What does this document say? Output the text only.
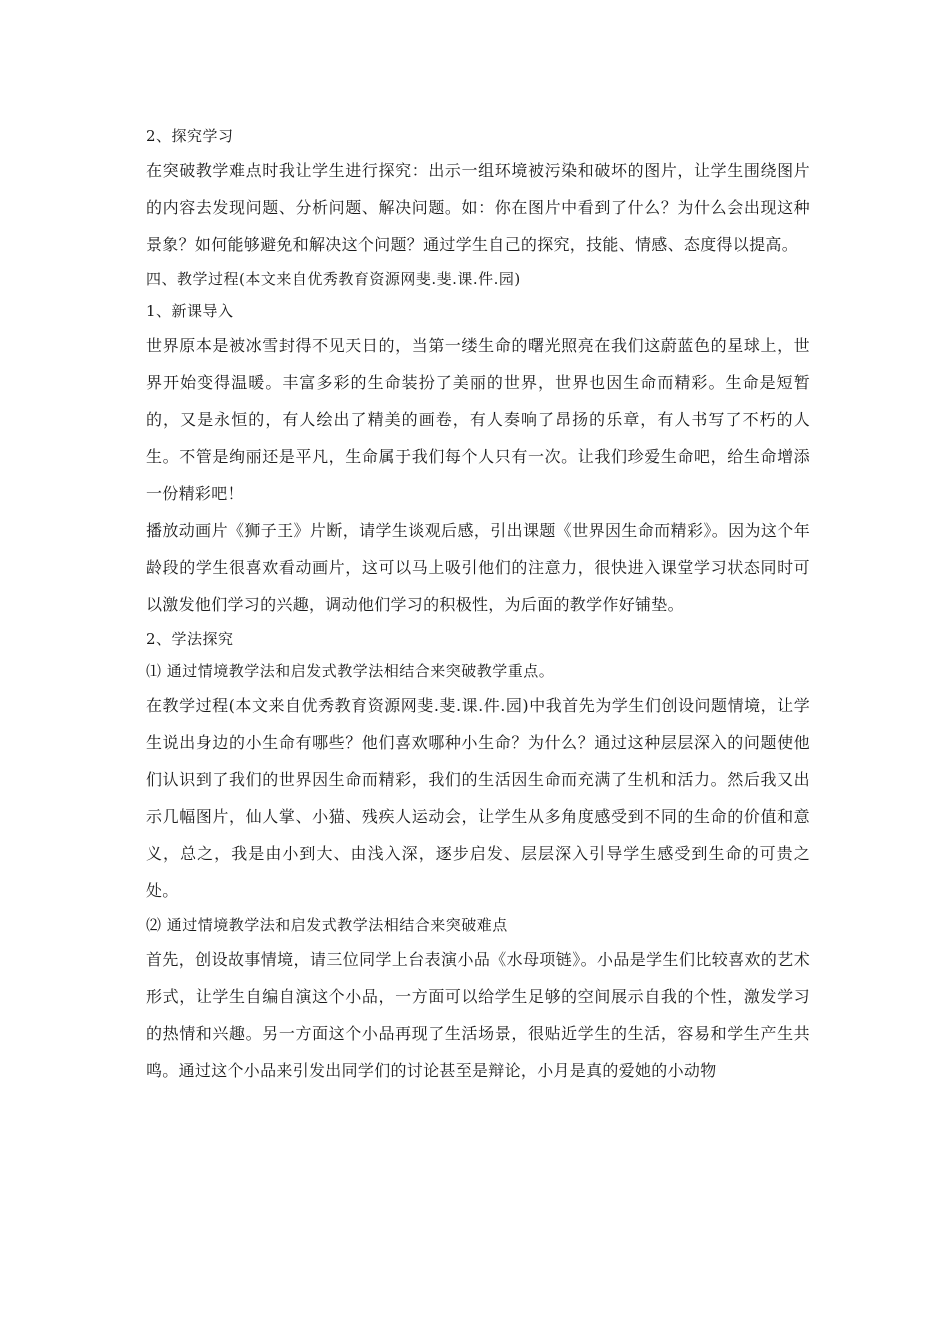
2、探究学习

在突破教学难点时我让学生进行探究：出示一组环境被污染和破坏的图片，让学生围绕图片的内容去发现问题、分析问题、解决问题。如：你在图片中看到了什么？为什么会出现这种景象？如何能够避免和解决这个问题？通过学生自己的探究，技能、情感、态度得以提高。

四、教学过程(本文来自优秀教育资源网斐.斐.课.件.园)
1、新课导入

世界原本是被冰雪封得不见天日的，当第一缕生命的曙光照亮在我们这蔚蓝色的星球上，世界开始变得温暖。丰富多彩的生命装扮了美丽的世界，世界也因生命而精彩。生命是短暂的，又是永恒的，有人绘出了精美的画卷，有人奏响了昂扬的乐章，有人书写了不朽的人生。不管是绚丽还是平凡，生命属于我们每个人只有一次。让我们珍爱生命吧，给生命增添一份精彩吧！

播放动画片《狮子王》片断，请学生谈观后感，引出课题《世界因生命而精彩》。因为这个年龄段的学生很喜欢看动画片，这可以马上吸引他们的注意力，很快进入课堂学习状态同时可以激发他们学习的兴趣，调动他们学习的积极性，为后面的教学作好铺垫。

2、学法探究
⑴ 通过情境教学法和启发式教学法相结合来突破教学重点。

在教学过程(本文来自优秀教育资源网斐.斐.课.件.园)中我首先为学生们创设问题情境，让学生说出身边的小生命有哪些？他们喜欢哪种小生命？为什么？通过这种层层深入的问题使他们认识到了我们的世界因生命而精彩，我们的生活因生命而充满了生机和活力。然后我又出示几幅图片，仙人掌、小猫、残疾人运动会，让学生从多角度感受到不同的生命的价值和意义，总之，我是由小到大、由浅入深，逐步启发、层层深入引导学生感受到生命的可贵之处。

⑵ 通过情境教学法和启发式教学法相结合来突破难点

首先，创设故事情境，请三位同学上台表演小品《水母项链》。小品是学生们比较喜欢的艺术形式，让学生自编自演这个小品，一方面可以给学生足够的空间展示自我的个性，激发学习的热情和兴趣。另一方面这个小品再现了生活场景，很贴近学生的生活，容易和学生产生共鸣。通过这个小品来引发出同学们的讨论甚至是辩论，小月是真的爱她的小动物
